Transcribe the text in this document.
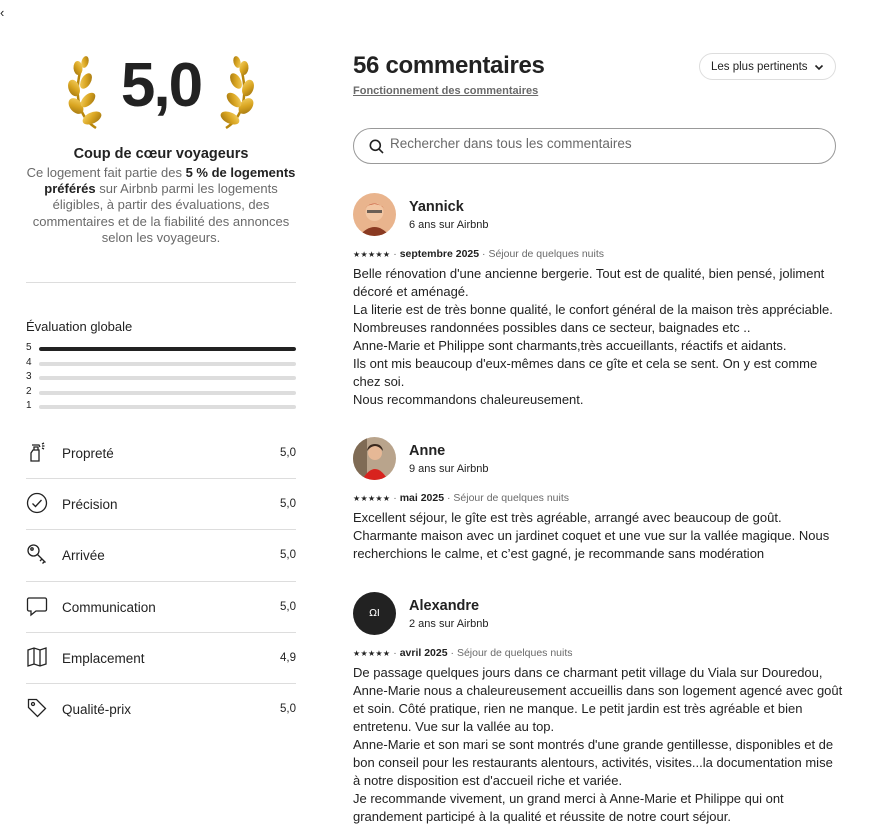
‹
5,0
Coup de cœur voyageurs
Ce logement fait partie des 5 % de logements préférés sur Airbnb parmi les logements éligibles, à partir des évaluations, des commentaires et de la fiabilité des annonces selon les voyageurs.
Évaluation globale
5
4
3
2
1
Propreté	5,0
Précision	5,0
Arrivée	5,0
Communication	5,0
Emplacement	4,9
Qualité-prix	5,0
56 commentaires
Fonctionnement des commentaires
Les plus pertinents
Rechercher dans tous les commentaires
Yannick
6 ans sur Airbnb
★★★★★ · septembre 2025 · Séjour de quelques nuits
Belle rénovation d'une ancienne bergerie. Tout est de qualité, bien pensé, joliment décoré et aménagé.
La literie est de très bonne qualité, le confort général de la maison très appréciable.
Nombreuses randonnées possibles dans ce secteur, baignades etc ..
Anne-Marie et Philippe sont charmants,très accueillants, réactifs et aidants.
Ils ont mis beaucoup d'eux-mêmes dans ce gîte et cela se sent. On y est comme chez soi.
Nous recommandons chaleureusement.
Anne
9 ans sur Airbnb
★★★★★ · mai 2025 · Séjour de quelques nuits
Excellent séjour, le gîte est très agréable, arrangé avec beaucoup de goût. Charmante maison avec un jardinet coquet et une vue sur la vallée magique. Nous recherchions le calme, et c’est gagné, je recommande sans modération
ΩI Alexandre
2 ans sur Airbnb
★★★★★ · avril 2025 · Séjour de quelques nuits
De passage quelques jours dans ce charmant petit village du Viala sur Douredou, Anne-Marie nous a chaleureusement accueillis dans son logement agencé avec goût et soin. Côté pratique, rien ne manque. Le petit jardin est très agréable et bien entretenu. Vue sur la vallée au top.
Anne-Marie et son mari se sont montrés d'une grande gentillesse, disponibles et de bon conseil pour les restaurants alentours, activités, visites...la documentation mise à notre disposition est d'accueil riche et variée.
Je recommande vivement, un grand merci à Anne-Marie et Philippe qui ont grandement participé à la qualité et réussite de notre court séjour.
